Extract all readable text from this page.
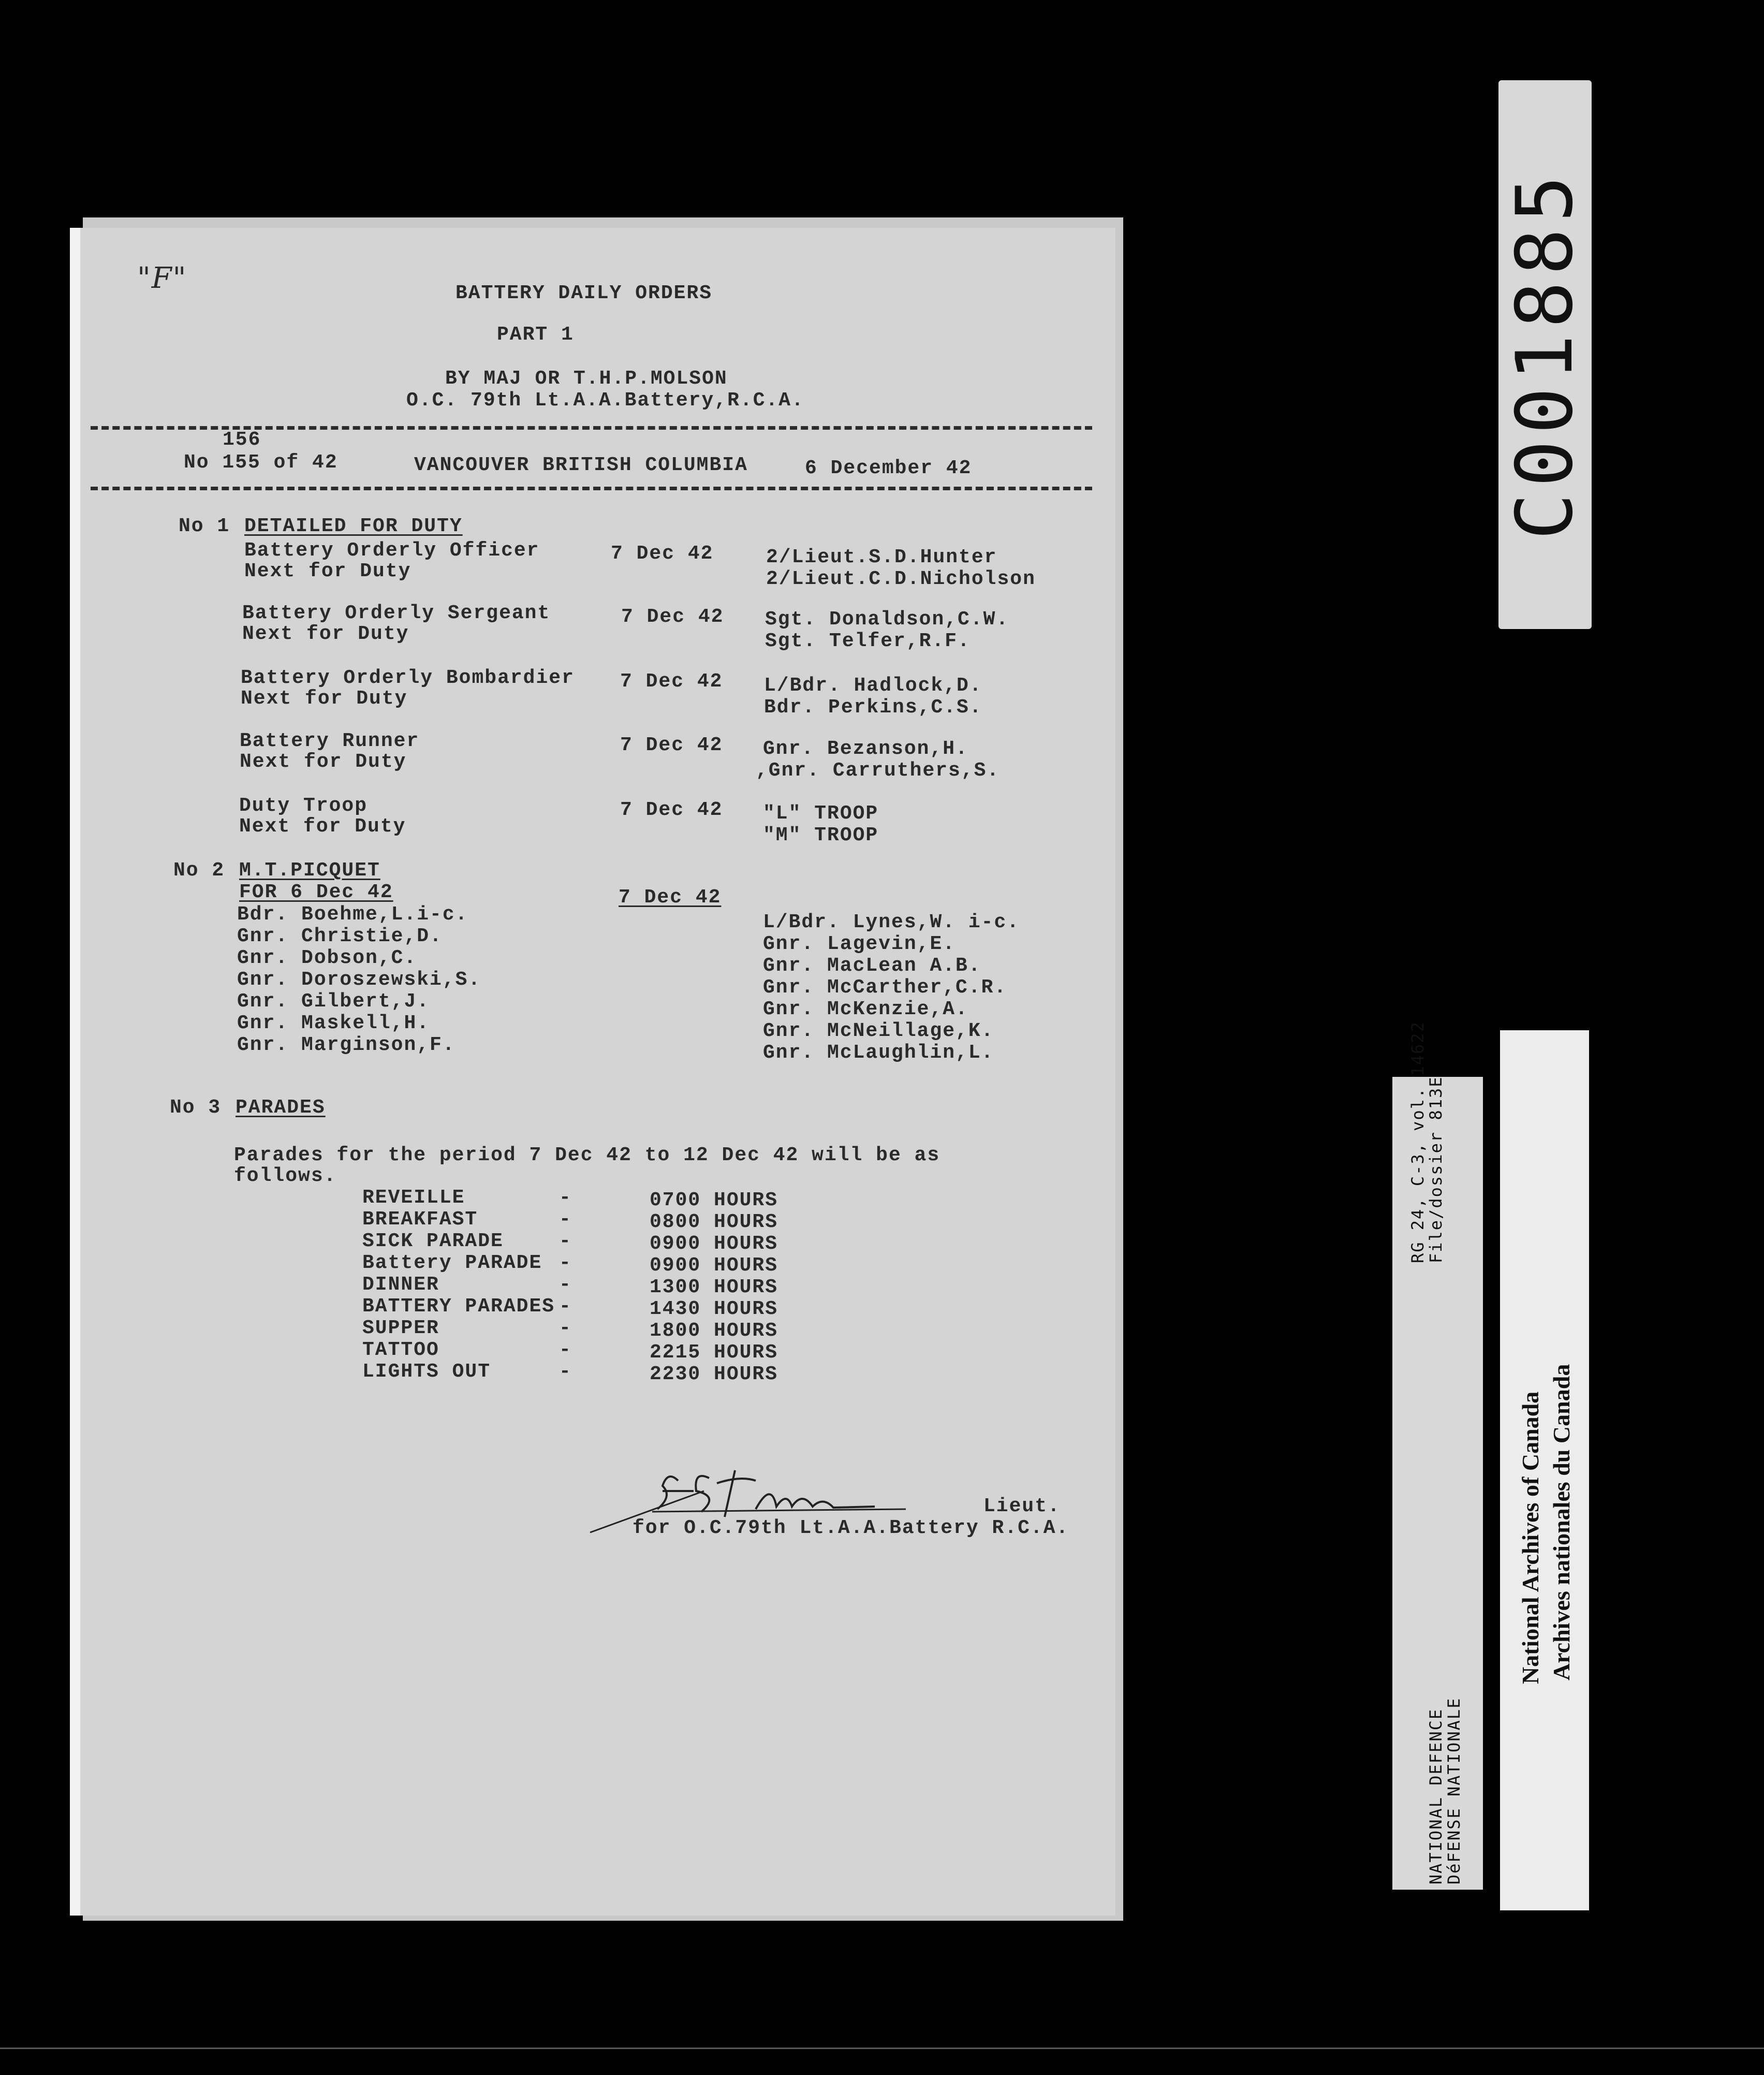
"F"	BATTERY DAILY ORDERS
PART 1
BY MAJ OR T.H.P.MOLSON
O.C. 79th Lt.A.A.Battery,R.C.A.
156
No 155 of 42	VANCOUVER BRITISH COLUMBIA	6 December 42
No 1 DETAILED FOR DUTY
Battery Orderly Officer
Next for Duty
7 Dec 42	2/Lieut.S.D.Hunter
2/Lieut.C.D.Nicholson
Battery Orderly Sergeant
Next for Duty
7 Dec 42 Sgt. Donaldson,C.W.
Sgt. Telfer,R.F.
Battery Orderly Bombardier
Next for Duty
7 Dec 42 L/Bdr. Hadlock,D.
Bdr. Perkins,C.S.
Battery Runner
Next for Duty
7 Dec 42 Gnr. Bezanson,H.
,Gnr. Carruthers,S.
Duty Troop
Next for Duty
7 Dec 42 "L" TROOP
"M" TROOP
No 2 M.T.PICQUET
FOR 6 Dec 42	7 Dec 42
Bdr. Boehme,L.i-c.
Gnr. Christie,D.
Gnr. Dobson,C.
Gnr. Doroszewski,S.
Gnr. Gilbert,J.
Gnr. Maskell,H.
Gnr. Marginson,F.
L/Bdr. Lynes,W. i-c.
Gnr. Lagevin,E.
Gnr. MacLean A.B.
Gnr. McCarther,C.R.
Gnr. McKenzie,A.
Gnr. McNeillage,K.
Gnr. McLaughlin,L.
No 3 PARADES
Parades for the period 7 Dec 42 to 12 Dec 42 will be as
follows.
REVEILLE	-	0700 HOURS
BREAKFAST	-	0800 HOURS
SICK PARADE	-	0900 HOURS
Battery PARADE -	0900 HOURS
DINNER	-	1300 HOURS
BATTERY PARADES -	1430 HOURS
SUPPER	-	1800 HOURS
TATTOO	-	2215 HOURS
LIGHTS OUT	-	2230 HOURS
Lieut.
for O.C.79th Lt.A.A.Battery R.C.A.
C001885
RG 24, C-3, vol. 14622
File/dossier 813E
NATIONAL DEFENCE
DéFENSE NATIONALE
National Archives of Canada Archives nationales du Canada
